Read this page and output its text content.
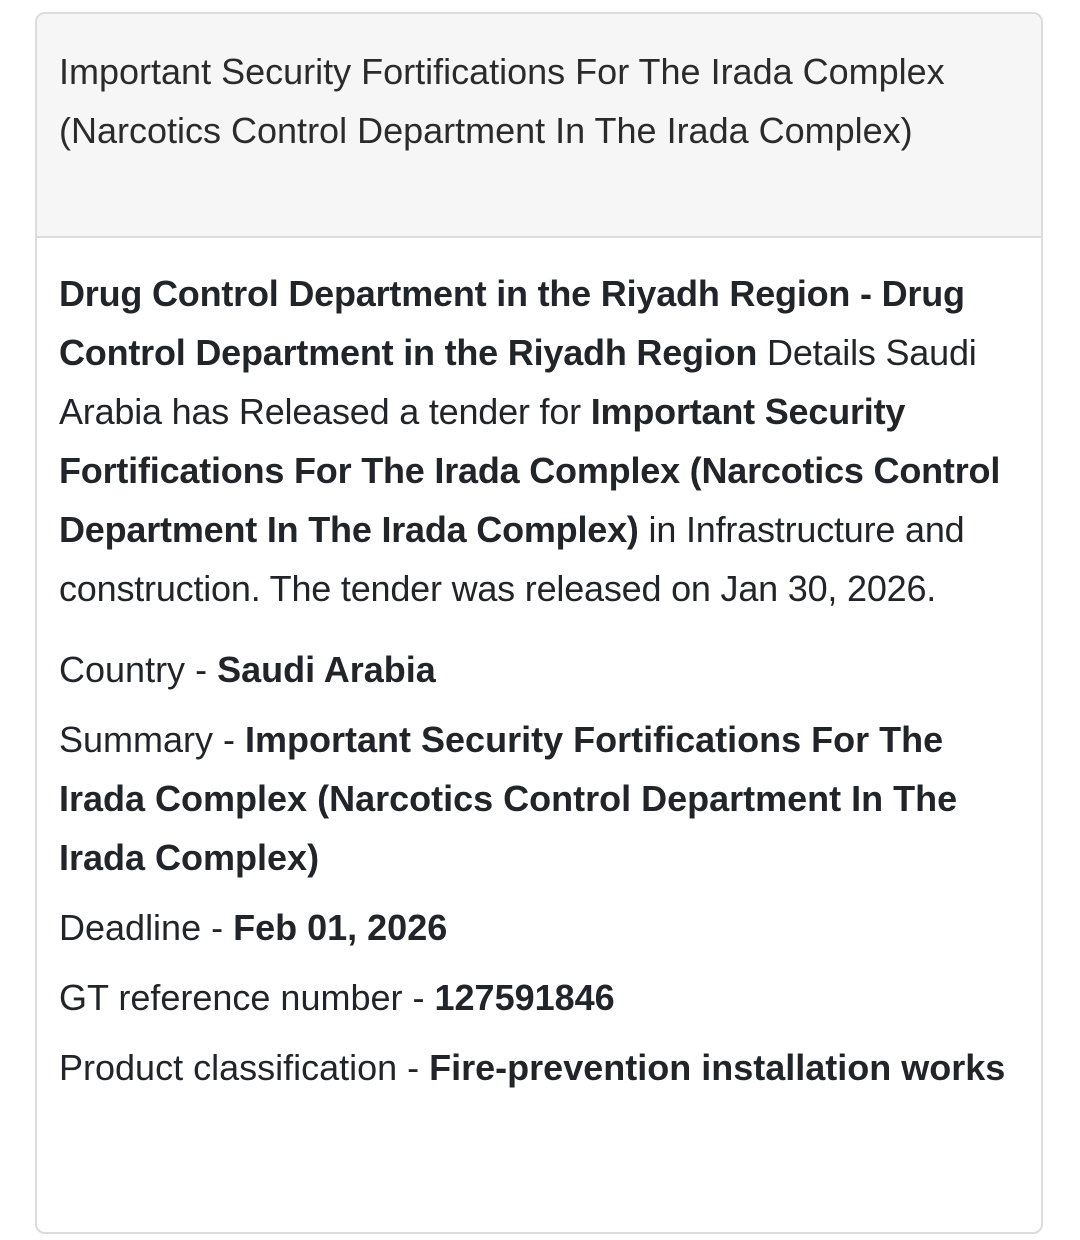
Important Security Fortifications For The Irada Complex (Narcotics Control Department In The Irada Complex)

Drug Control Department in the Riyadh Region - Drug Control Department in the Riyadh Region Details Saudi Arabia has Released a tender for Important Security Fortifications For The Irada Complex (Narcotics Control Department In The Irada Complex) in Infrastructure and construction. The tender was released on Jan 30, 2026.

Country - Saudi Arabia
Summary - Important Security Fortifications For The Irada Complex (Narcotics Control Department In The Irada Complex)
Deadline - Feb 01, 2026
GT reference number - 127591846
Product classification - Fire-prevention installation works
